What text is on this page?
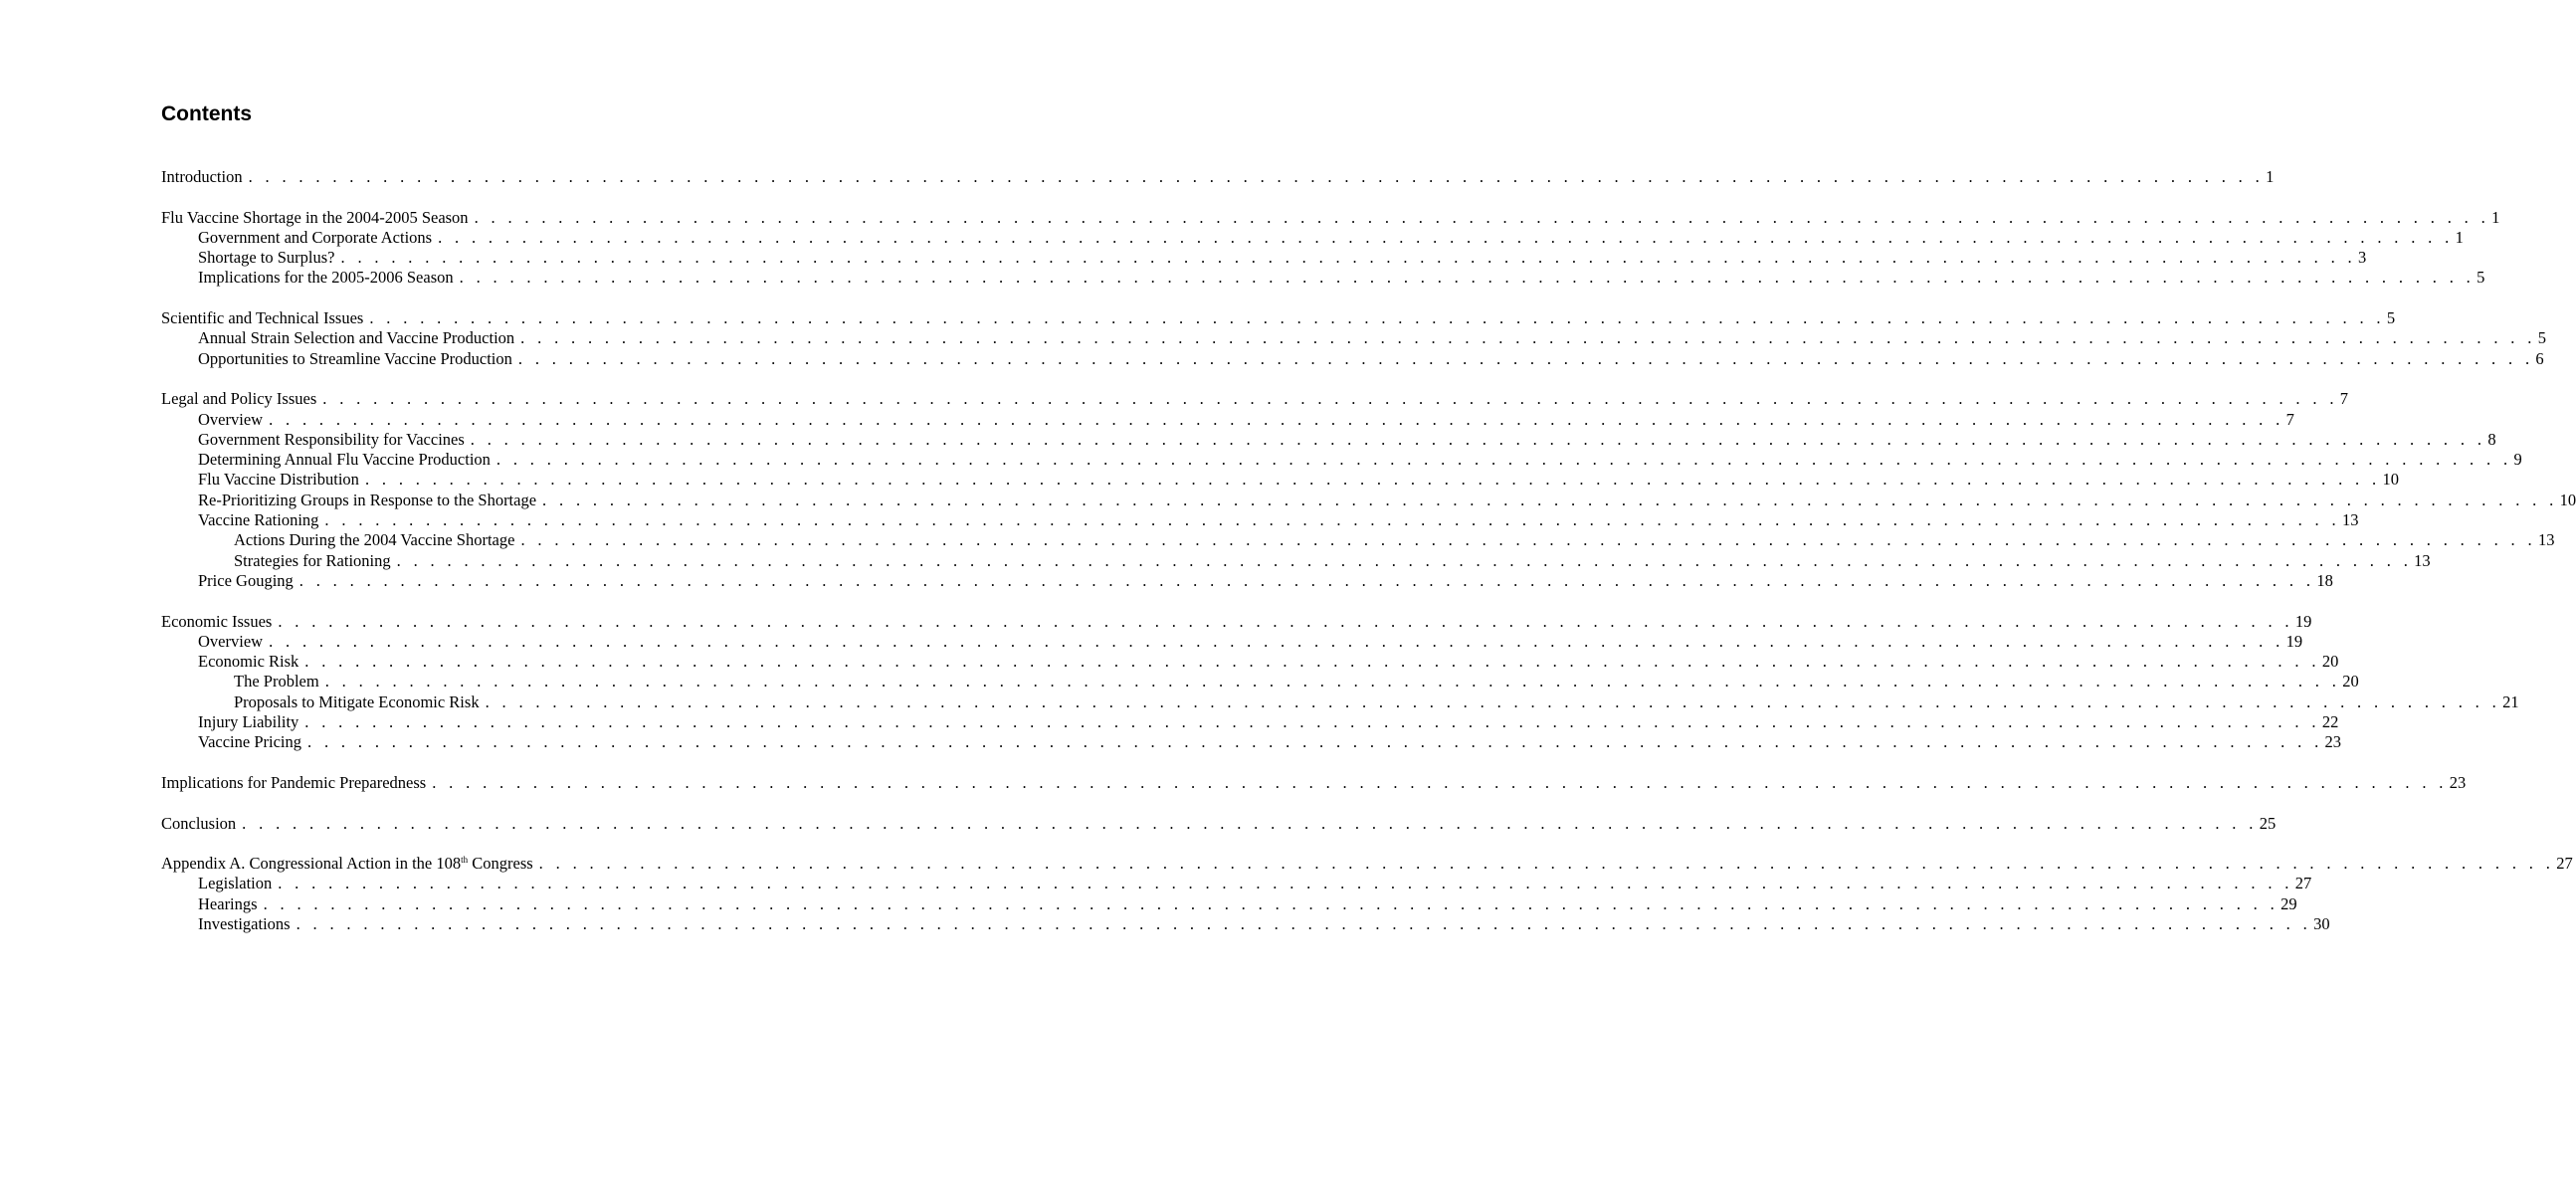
Contents
Introduction . . . . . . . . . . . . . . . . . . . . . . . . . . . . . . . . . . . . . . . . . . . . . . . . . . . . . . . . . . . . . . . . . . . . . . . . . . . . . . . . . . . . . . . . . . . . . . . . . . . . . . . . . . . . . . . . . . . . . . . . 1
Flu Vaccine Shortage in the 2004-2005 Season . . . . . . . . . . . . . . . . . . . . . . . . . . . . . . . . . . . . . . . . . . . . . . . . . . . . . . . . . . . . . . . . . . . . . . . . . . . . . . . . . . . . . . . . . . . . . . . . . . . . . . . . . . . . . . . . . . . . . . . . 1
Government and Corporate Actions . . . . . . . . . . . . . . . . . . . . . . . . . . . . . . . . . . . . . . . . . . . . . . . . . . . . . . . . . . . . . . . . . . . . . . . . . . . . . . . . . . . . . . . . . . . . . . . . . . . . . . . . . . . . . . . . . . . . . . . . 1
Shortage to Surplus? . . . . . . . . . . . . . . . . . . . . . . . . . . . . . . . . . . . . . . . . . . . . . . . . . . . . . . . . . . . . . . . . . . . . . . . . . . . . . . . . . . . . . . . . . . . . . . . . . . . . . . . . . . . . . . . . . . . . . . . . 3
Implications for the 2005-2006 Season . . . . . . . . . . . . . . . . . . . . . . . . . . . . . . . . . . . . . . . . . . . . . . . . . . . . . . . . . . . . . . . . . . . . . . . . . . . . . . . . . . . . . . . . . . . . . . . . . . . . . . . . . . . . . . . . . . . . . . . . 5
Scientific and Technical Issues . . . . . . . . . . . . . . . . . . . . . . . . . . . . . . . . . . . . . . . . . . . . . . . . . . . . . . . . . . . . . . . . . . . . . . . . . . . . . . . . . . . . . . . . . . . . . . . . . . . . . . . . . . . . . . . . . . . . . . . . 5
Annual Strain Selection and Vaccine Production . . . . . . . . . . . . . . . . . . . . . . . . . . . . . . . . . . . . . . . . . . . . . . . . . . . . . . . . . . . . . . . . . . . . . . . . . . . . . . . . . . . . . . . . . . . . . . . . . . . . . . . . . . . . . . . . . . . . . . . . 5
Opportunities to Streamline Vaccine Production . . . . . . . . . . . . . . . . . . . . . . . . . . . . . . . . . . . . . . . . . . . . . . . . . . . . . . . . . . . . . . . . . . . . . . . . . . . . . . . . . . . . . . . . . . . . . . . . . . . . . . . . . . . . . . . . . . . . . . . . 6
Legal and Policy Issues . . . . . . . . . . . . . . . . . . . . . . . . . . . . . . . . . . . . . . . . . . . . . . . . . . . . . . . . . . . . . . . . . . . . . . . . . . . . . . . . . . . . . . . . . . . . . . . . . . . . . . . . . . . . . . . . . . . . . . . . 7
Overview . . . . . . . . . . . . . . . . . . . . . . . . . . . . . . . . . . . . . . . . . . . . . . . . . . . . . . . . . . . . . . . . . . . . . . . . . . . . . . . . . . . . . . . . . . . . . . . . . . . . . . . . . . . . . . . . . . . . . . . . 7
Government Responsibility for Vaccines . . . . . . . . . . . . . . . . . . . . . . . . . . . . . . . . . . . . . . . . . . . . . . . . . . . . . . . . . . . . . . . . . . . . . . . . . . . . . . . . . . . . . . . . . . . . . . . . . . . . . . . . . . . . . . . . . . . . . . . . 8
Determining Annual Flu Vaccine Production . . . . . . . . . . . . . . . . . . . . . . . . . . . . . . . . . . . . . . . . . . . . . . . . . . . . . . . . . . . . . . . . . . . . . . . . . . . . . . . . . . . . . . . . . . . . . . . . . . . . . . . . . . . . . . . . . . . . . . . . 9
Flu Vaccine Distribution . . . . . . . . . . . . . . . . . . . . . . . . . . . . . . . . . . . . . . . . . . . . . . . . . . . . . . . . . . . . . . . . . . . . . . . . . . . . . . . . . . . . . . . . . . . . . . . . . . . . . . . . . . . . . . . . . . . . . . . . 10
Re-Prioritizing Groups in Response to the Shortage . . . . . . . . . . . . . . . . . . . . . . . . . . . . . . . . . . . . . . . . . . . . . . . . . . . . . . . . . . . . . . . . . . . . . . . . . . . . . . . . . . . . . . . . . . . . . . . . . . . . . . . . . . . . . . . . . . . . . . . . 10
Vaccine Rationing . . . . . . . . . . . . . . . . . . . . . . . . . . . . . . . . . . . . . . . . . . . . . . . . . . . . . . . . . . . . . . . . . . . . . . . . . . . . . . . . . . . . . . . . . . . . . . . . . . . . . . . . . . . . . . . . . . . . . . . . 13
Actions During the 2004 Vaccine Shortage . . . . . . . . . . . . . . . . . . . . . . . . . . . . . . . . . . . . . . . . . . . . . . . . . . . . . . . . . . . . . . . . . . . . . . . . . . . . . . . . . . . . . . . . . . . . . . . . . . . . . . . . . . . . . . . . . . . . . . . . 13
Strategies for Rationing . . . . . . . . . . . . . . . . . . . . . . . . . . . . . . . . . . . . . . . . . . . . . . . . . . . . . . . . . . . . . . . . . . . . . . . . . . . . . . . . . . . . . . . . . . . . . . . . . . . . . . . . . . . . . . . . . . . . . . . . 13
Price Gouging . . . . . . . . . . . . . . . . . . . . . . . . . . . . . . . . . . . . . . . . . . . . . . . . . . . . . . . . . . . . . . . . . . . . . . . . . . . . . . . . . . . . . . . . . . . . . . . . . . . . . . . . . . . . . . . . . . . . . . . . 18
Economic Issues . . . . . . . . . . . . . . . . . . . . . . . . . . . . . . . . . . . . . . . . . . . . . . . . . . . . . . . . . . . . . . . . . . . . . . . . . . . . . . . . . . . . . . . . . . . . . . . . . . . . . . . . . . . . . . . . . . . . . . . . 19
Overview . . . . . . . . . . . . . . . . . . . . . . . . . . . . . . . . . . . . . . . . . . . . . . . . . . . . . . . . . . . . . . . . . . . . . . . . . . . . . . . . . . . . . . . . . . . . . . . . . . . . . . . . . . . . . . . . . . . . . . . . 19
Economic Risk . . . . . . . . . . . . . . . . . . . . . . . . . . . . . . . . . . . . . . . . . . . . . . . . . . . . . . . . . . . . . . . . . . . . . . . . . . . . . . . . . . . . . . . . . . . . . . . . . . . . . . . . . . . . . . . . . . . . . . . . 20
The Problem . . . . . . . . . . . . . . . . . . . . . . . . . . . . . . . . . . . . . . . . . . . . . . . . . . . . . . . . . . . . . . . . . . . . . . . . . . . . . . . . . . . . . . . . . . . . . . . . . . . . . . . . . . . . . . . . . . . . . . . . 20
Proposals to Mitigate Economic Risk . . . . . . . . . . . . . . . . . . . . . . . . . . . . . . . . . . . . . . . . . . . . . . . . . . . . . . . . . . . . . . . . . . . . . . . . . . . . . . . . . . . . . . . . . . . . . . . . . . . . . . . . . . . . . . . . . . . . . . . . 21
Injury Liability . . . . . . . . . . . . . . . . . . . . . . . . . . . . . . . . . . . . . . . . . . . . . . . . . . . . . . . . . . . . . . . . . . . . . . . . . . . . . . . . . . . . . . . . . . . . . . . . . . . . . . . . . . . . . . . . . . . . . . . . 22
Vaccine Pricing . . . . . . . . . . . . . . . . . . . . . . . . . . . . . . . . . . . . . . . . . . . . . . . . . . . . . . . . . . . . . . . . . . . . . . . . . . . . . . . . . . . . . . . . . . . . . . . . . . . . . . . . . . . . . . . . . . . . . . . . 23
Implications for Pandemic Preparedness . . . . . . . . . . . . . . . . . . . . . . . . . . . . . . . . . . . . . . . . . . . . . . . . . . . . . . . . . . . . . . . . . . . . . . . . . . . . . . . . . . . . . . . . . . . . . . . . . . . . . . . . . . . . . . . . . . . . . . . . 23
Conclusion . . . . . . . . . . . . . . . . . . . . . . . . . . . . . . . . . . . . . . . . . . . . . . . . . . . . . . . . . . . . . . . . . . . . . . . . . . . . . . . . . . . . . . . . . . . . . . . . . . . . . . . . . . . . . . . . . . . . . . . . 25
Appendix A. Congressional Action in the 108th Congress . . . . . . . . . . . . . . . . . . . . . . . . . . . . . . . . . . . . . . . . . . . . . . . . . . . . . . . . . . . . . . . . . . . . . . . . . . . . . . . . . . . . . . . . . . . . . . . . . . . . . . . . . . . . . . . . . . . . . . . . 27
Legislation . . . . . . . . . . . . . . . . . . . . . . . . . . . . . . . . . . . . . . . . . . . . . . . . . . . . . . . . . . . . . . . . . . . . . . . . . . . . . . . . . . . . . . . . . . . . . . . . . . . . . . . . . . . . . . . . . . . . . . . . 27
Hearings . . . . . . . . . . . . . . . . . . . . . . . . . . . . . . . . . . . . . . . . . . . . . . . . . . . . . . . . . . . . . . . . . . . . . . . . . . . . . . . . . . . . . . . . . . . . . . . . . . . . . . . . . . . . . . . . . . . . . . . . 29
Investigations . . . . . . . . . . . . . . . . . . . . . . . . . . . . . . . . . . . . . . . . . . . . . . . . . . . . . . . . . . . . . . . . . . . . . . . . . . . . . . . . . . . . . . . . . . . . . . . . . . . . . . . . . . . . . . . . . . . . . . . . 30
